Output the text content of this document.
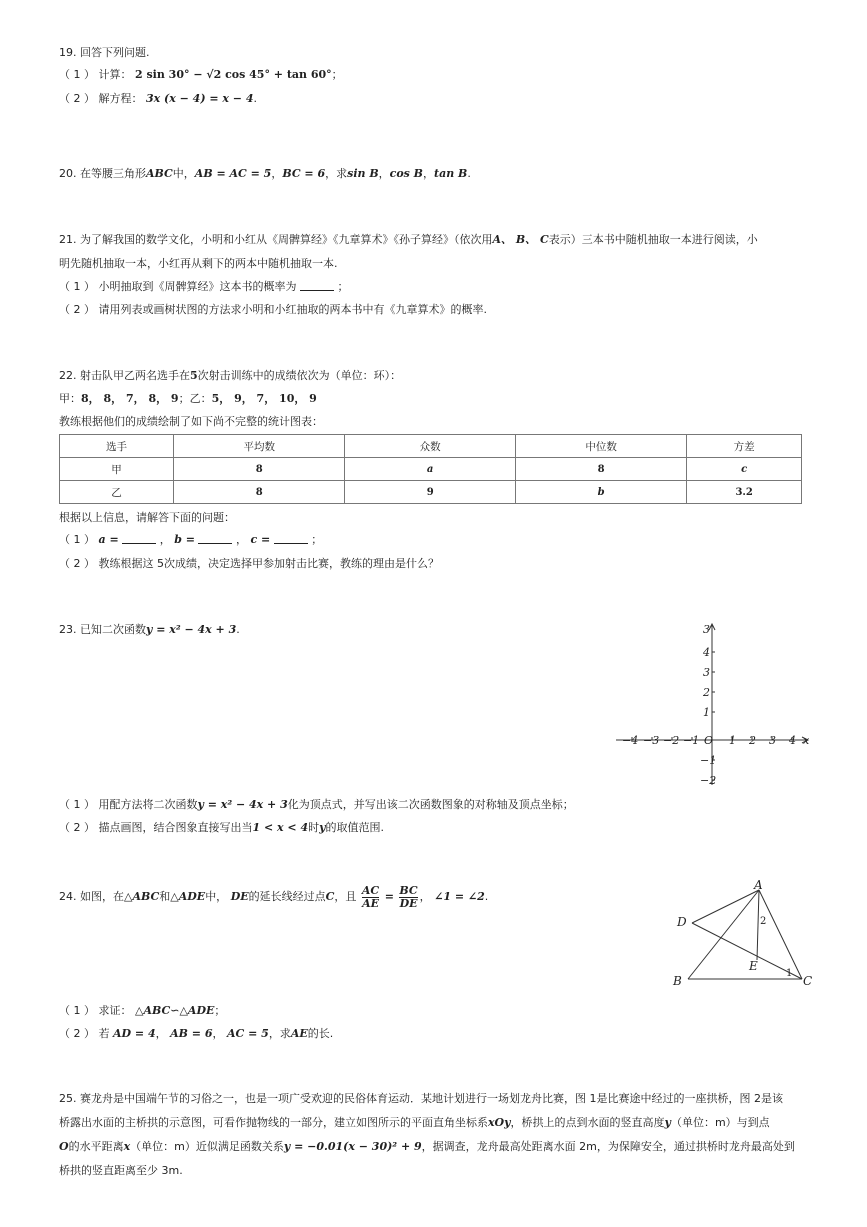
19. 回答下列问题.
（ 1 ） 计算： 2 sin 30° − √2 cos 45° + tan 60°；
（ 2 ） 解方程： 3x (x − 4) = x − 4.
20. 在等腰三角形ABC中，AB = AC = 5，BC = 6，求sin B，cos B，tan B.
21. 为了解我国的数学文化，小明和小红从《周髀算经》《九章算术》《孙子算经》（依次用A、 B、 C表示）三本书中随机抽取一本进行阅读，小
明先随机抽取一本，小红再从剩下的两本中随机抽取一本.
（ 1 ） 小明抽取到《周髀算经》这本书的概率为	；
（ 2 ） 请用列表或画树状图的方法求小明和小红抽取的两本书中有《九章算术》的概率.
22. 射击队甲乙两名选手在5次射击训练中的成绩依次为（单位：环）：
甲：8， 8， 7， 8， 9；乙：5， 9， 7， 10， 9
教练根据他们的成绩绘制了如下尚不完整的统计图表：
选手	平均数	众数	中位数	方差
甲	8	a	8	c
乙	8	9	b	3.2
根据以上信息，请解答下面的问题：
（ 1 ） a =	， b =	， c =	；
（ 2 ） 教练根据这 5次成绩，决定选择甲参加射击比赛，教练的理由是什么？
23. 已知二次函数y = x² − 4x + 3.
−4 −3 −2 −1 O 1 2 3 4 x
3
4
3
2
1
−1
−2
（ 1 ） 用配方法将二次函数y = x² − 4x + 3化为顶点式，并写出该二次函数图象的对称轴及顶点坐标；
（ 2 ） 描点画图，结合图象直接写出当1 < x < 4时y的取值范围.
24. 如图，在△ABC和△ADE中， DE的延长线经过点C，且 $\frac{AC}{AE} = \frac{BC}{DE}$ ， ∠1 = ∠2.
A
B	C
D
E
1
2
（ 1 ） 求证： △ABC∽△ADE；
（ 2 ） 若 AD = 4， AB = 6， AC = 5，求AE的长.
25. 赛龙舟是中国端午节的习俗之一，也是一项广受欢迎的民俗体育运动．某地计划进行一场划龙舟比赛，图 1是比赛途中经过的一座拱桥，图 2是该
桥露出水面的主桥拱的示意图，可看作抛物线的一部分，建立如图所示的平面直角坐标系xOy，桥拱上的点到水面的竖直高度y（单位：m）与到点
O的水平距离x（单位：m）近似满足函数关系y = −0.01(x − 30)² + 9，据调查，龙舟最高处距离水面 2m，为保障安全，通过拱桥时龙舟最高处到
桥拱的竖直距离至少 3m.
